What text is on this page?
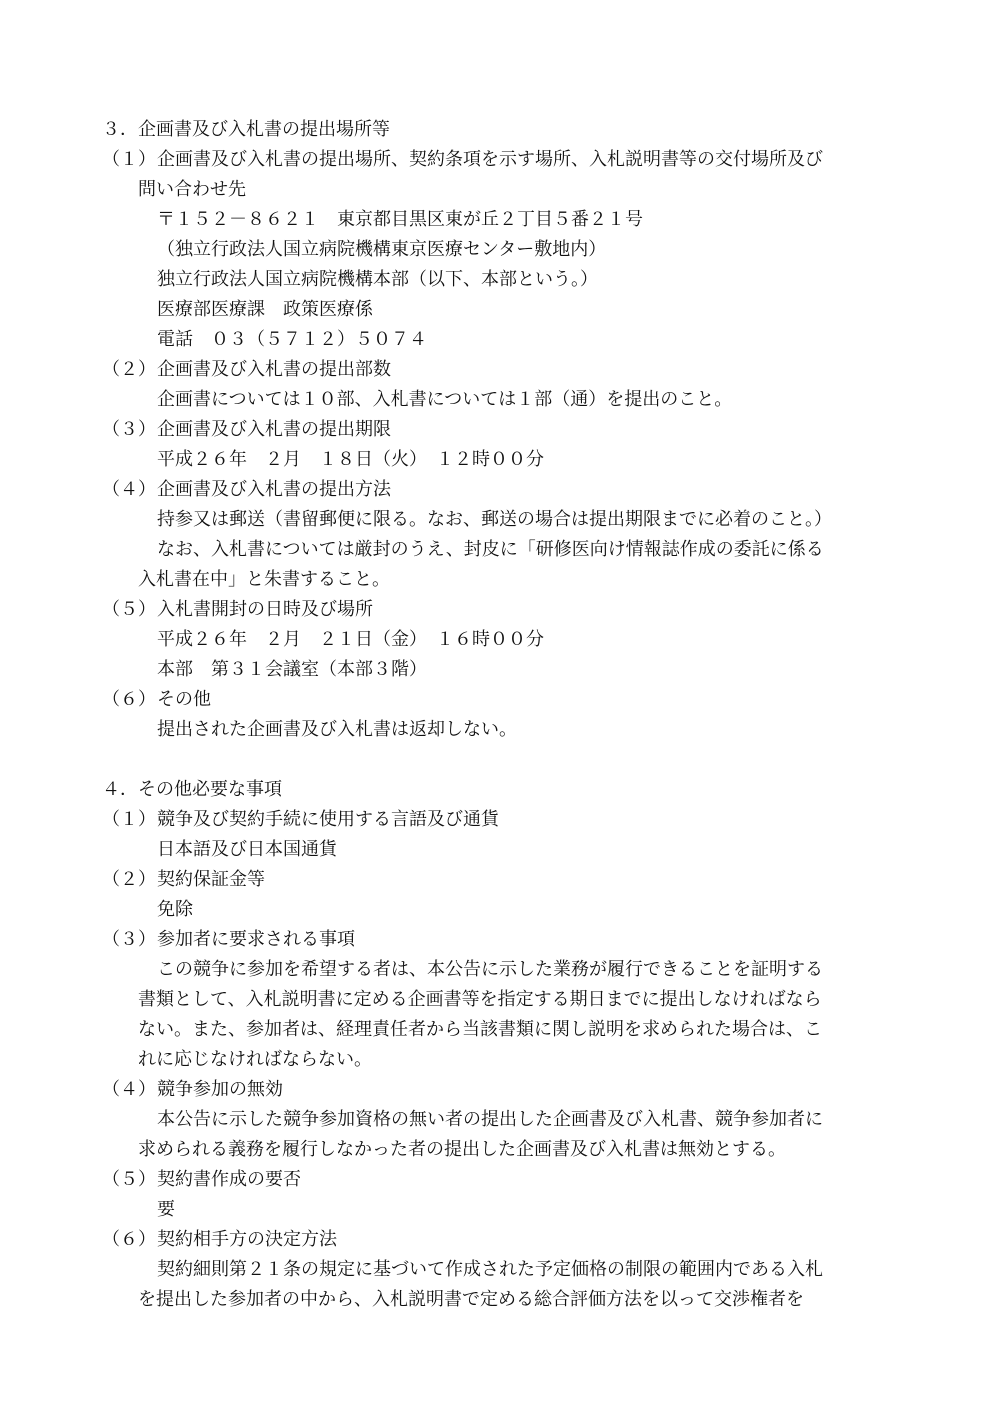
３．企画書及び入札書の提出場所等
（１） 企画書及び入札書の提出場所、契約条項を示す場所、入札説明書等の交付場所及び
問い合わせ先
〒１５２－８６２１　東京都目黒区東が丘２丁目５番２１号
（独立行政法人国立病院機構東京医療センター敷地内）
独立行政法人国立病院機構本部（以下、本部という。）
医療部医療課　政策医療係
電話　０３（５７１２）５０７４
（２） 企画書及び入札書の提出部数
企画書については１０部、入札書については１部（通）を提出のこと。
（３） 企画書及び入札書の提出期限
平成２６年　２月　１８日（火）　１２時００分
（４） 企画書及び入札書の提出方法
持参又は郵送（書留郵便に限る。なお、郵送の場合は提出期限までに必着のこと。）
なお、入札書については厳封のうえ、封皮に「研修医向け情報誌作成の委託に係る
入札書在中」と朱書すること。
（５） 入札書開封の日時及び場所
平成２６年　２月　２１日（金）　１６時００分
本部　第３１会議室（本部３階）
（６） その他
提出された企画書及び入札書は返却しない。
４．その他必要な事項
（１） 競争及び契約手続に使用する言語及び通貨
日本語及び日本国通貨
（２） 契約保証金等
免除
（３） 参加者に要求される事項
この競争に参加を希望する者は、本公告に示した業務が履行できることを証明する
書類として、入札説明書に定める企画書等を指定する期日までに提出しなければなら
ない。また、参加者は、経理責任者から当該書類に関し説明を求められた場合は、こ
れに応じなければならない。
（４） 競争参加の無効
本公告に示した競争参加資格の無い者の提出した企画書及び入札書、競争参加者に
求められる義務を履行しなかった者の提出した企画書及び入札書は無効とする。
（５） 契約書作成の要否
要
（６） 契約相手方の決定方法
契約細則第２１条の規定に基づいて作成された予定価格の制限の範囲内である入札
を提出した参加者の中から、入札説明書で定める総合評価方法を以って交渉権者を
